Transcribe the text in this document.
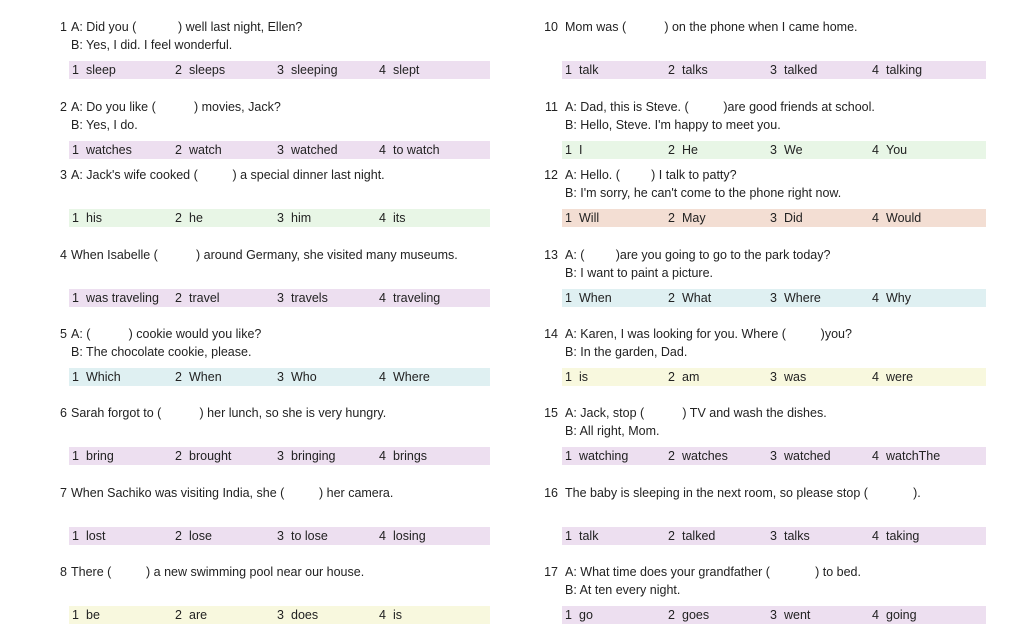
1 A: Did you (            ) well last night, Ellen?
B: Yes, I did. I feel wonderful.
1 sleep	2 sleeps	3 sleeping	4 slept
2 A: Do you like (           ) movies, Jack?
B: Yes, I do.
1 watches	2 watch	3 watched	4 to watch
3 A: Jack's wife cooked (          ) a special dinner last night.
1 his	2 he	3 him	4 its
4 When Isabelle (           ) around Germany, she visited many museums.
1 was traveling 2 travel	3 travels	4 traveling
5 A: (           ) cookie would you like?
B: The chocolate cookie, please.
1 Which	2 When	3 Who	4 Where
6 Sarah forgot to (           ) her lunch, so she is very hungry.
1 bring	2 brought	3 bringing	4 brings
7 When Sachiko was visiting India, she (          ) her camera.
1 lost	2 lose	3 to lose	4 losing
8 There (          ) a new swimming pool near our house.
1 be	2 are	3 does	4 is
10 Mom was (           ) on the phone when I came home.
1 talk	2 talks	3 talked	4 talking
11 A: Dad, this is Steve. (          )are good friends at school.
B: Hello, Steve. I'm happy to meet you.
1 I	2 He	3 We	4 You
12 A: Hello. (         ) I talk to patty?
B: I'm sorry, he can't come to the phone right now.
1 Will	2 May	3 Did	4 Would
13 A: (         )are you going to go to the park today?
B: I want to paint a picture.
1 When	2 What	3 Where	4 Why
14 A: Karen, I was looking for you. Where (          )you?
B: In the garden, Dad.
1 is	2 am	3 was	4 were
15 A: Jack, stop (           ) TV and wash the dishes.
B: All right, Mom.
1 watching	2 watches	3 watched	4 watchThe
16 The baby is sleeping in the next room, so please stop (             ).
1 talk	2 talked	3 talks	4 taking
17 A: What time does your grandfather (             ) to bed.
B: At ten every night.
1 go	2 goes	3 went	4 going
